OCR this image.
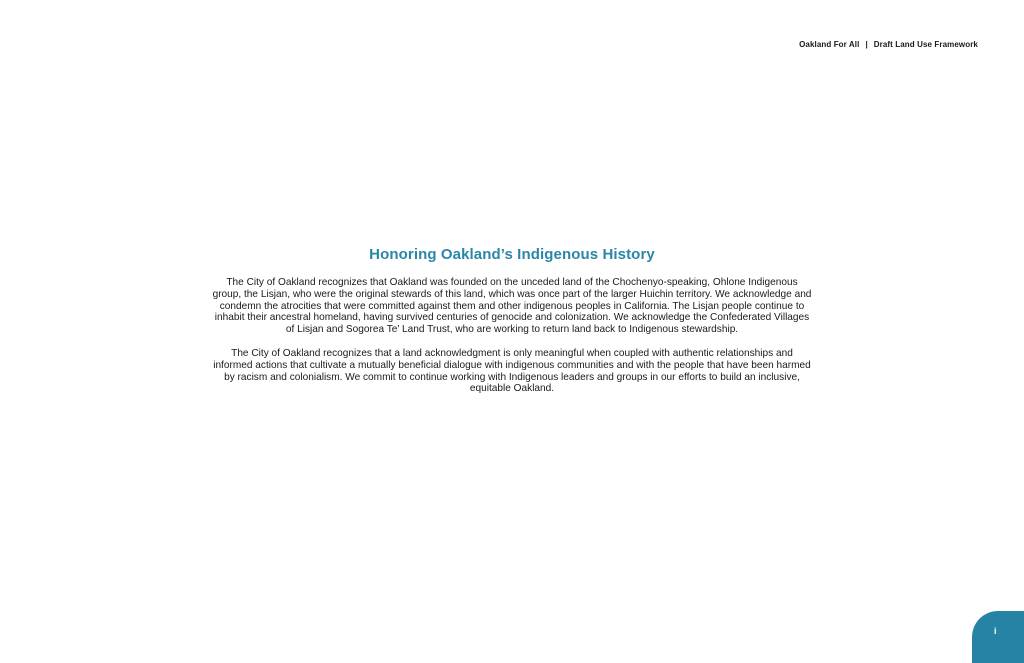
Oakland For All | Draft Land Use Framework
Honoring Oakland’s Indigenous History

The City of Oakland recognizes that Oakland was founded on the unceded land of the Chochenyo-speaking, Ohlone Indigenous group, the Lisjan, who were the original stewards of this land, which was once part of the larger Huichin territory. We acknowledge and condemn the atrocities that were committed against them and other indigenous peoples in California. The Lisjan people continue to inhabit their ancestral homeland, having survived centuries of genocide and colonization. We acknowledge the Confederated Villages of Lisjan and Sogorea Te’ Land Trust, who are working to return land back to Indigenous stewardship.

The City of Oakland recognizes that a land acknowledgment is only meaningful when coupled with authentic relationships and informed actions that cultivate a mutually beneficial dialogue with indigenous communities and with the people that have been harmed by racism and colonialism. We commit to continue working with Indigenous leaders and groups in our efforts to build an inclusive, equitable Oakland.

i
